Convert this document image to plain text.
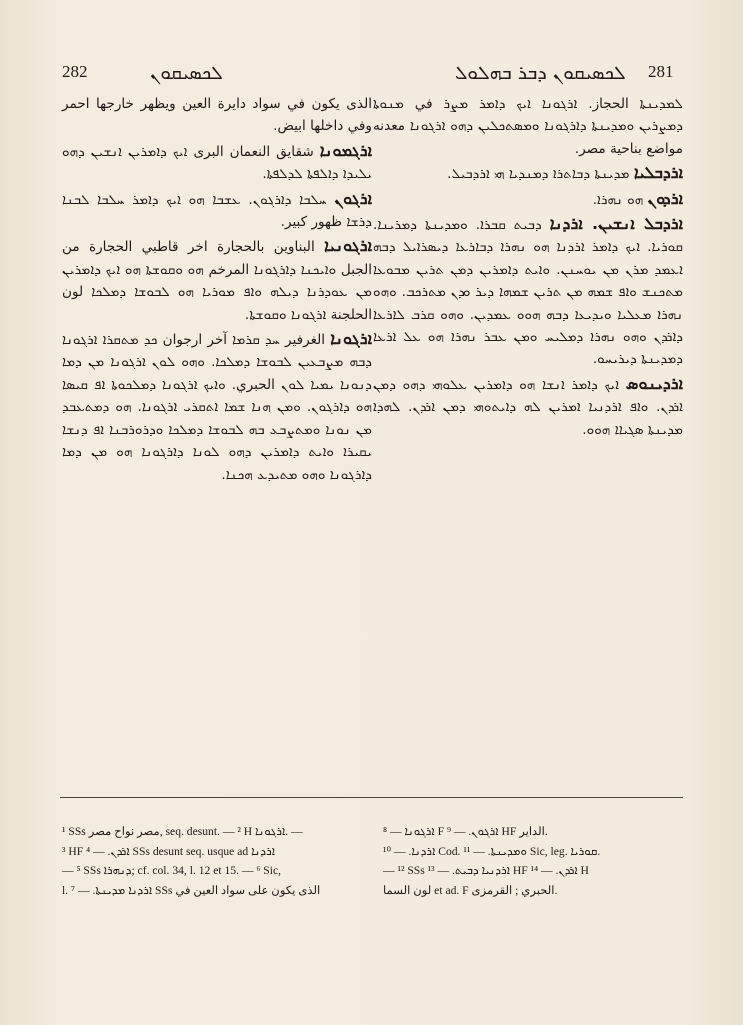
282	ܠܟܣܝܩܘܢ	ܠܟܣܝܩܘܢ ܕܒܪ ܒܗܠܘܠ 281

الذى يكون في سواد دايرة العين ويظهر خارجها احمر وفي داخلها ابيض.

ܐܪܓܡܘܢܐ شقايق النعمان البرى ܐܝܟ ܕܐܡܪܝܢ ܐܢܫܝܢ ܕܗܘ ܝܠܝܕܐ ܕܐܠܦܬܐ ܠܕܠܦܬܐ.

ܐܪܓܘܢ ܚܠܒܐ ܕܐܪܓܘܢ. ܥܫܒܐ ܗܘ ܐܝܟ ܕܐܡܪ ܚܠܒܐ ܠܒܢܐ ܕܪܫܐ ظهور كبير.

ܐܪܓܘܢܝܐ البناوين بالحجارة اخر قاطبي الحجارة من الجبل ܘܐܝܟܢܐ ܕܐܪܓܘܢܐ المرخم ܗܘ ܘܩܘܫܬܐ ܗܘ ܐܝܟ ܕܐܡܪܝܢ ܡܢ ܥܘܕܪܢܐ ܕܝܠܗ ܘܐܦ ܡܘܪܝܐ ܗܘ ܠܒܘܫܐ ܕܡܠܟܐ لون الحلجنة ܐܪܓܘܢܐ ܘܩܘܫܬܐ.

ܐܪܓܘܢܐ الغرفير ܚܕ ܩܪܡܐ آخر ارجوان ܟܕ ܡܬܩܪܐ ܐܪܓܘܢܐ ܕܒܗ ܡܨܒܥܝܢ ܠܒܘܫܐ ܕܡܠܟܐ. ܘܗܘ ܠܘܢ ܐܪܓܘܢܐ ܡܢ ܕܡܐ ܕܢܘܢܐ ܝܡܝܐ ܠܘܢ الحبري. ܘܐܝܟ ܐܪܓܘܢܐ ܕܡܠܟܘܬܐ ܐܦ ܩܝܣܐ ܗܘ ܕܐܪܓܘܢ. ܘܡܢ ܗܢܐ ܫܡܐ ܐܬܩܪܝ ܐܪܓܘܢܐ. ܗܘ ܕܡܬܥܒܕ ܡܢ ܢܘܢܐ ܘܡܬܨܒܥ ܒܗ ܠܒܘܫܐ ܕܡܠܟܐ ܘܕܪܘܪܒܢܐ ܐܦ ܕܢܫܐ ܝܩܝܪܐ ܘܐܝܬ ܕܐܡܪܝܢ ܕܗܘ ܠܘܢܐ ܕܐܪܓܘܢܐ ܗܘ ܡܢ ܕܡܐ ܕܐܪܓܘܢܐ ܘܗܘ ܡܬܝܕܥ ܗܟܢܐ.

ܠܡܕܝܢܬܐ الحجاز. ܐܪܓܘܢܐ ܐܝܟ ܕܐܡܪ ܡܨܪ في ܡܢܘܬܐ ܕܡܨܪܝܢ ܘܡܕܝܢܬܐ ܕܐܪܓܘܢܐ ܘܡܣܬܟܠܝܢ ܕܗܘ ܐܪܓܘܢܐ معدنه مواضع بناحية مصر.

ܐܪܕܒܠܝܐ ܡܕܝܢܬܐ ܕܒܐܬܪܐ ܕܡܢܕܝܐ ܗܝ ܐܪܕܒܝܠ.

ܐܪܕܘܢ ܗܘ ܢܗܪܐ.

ܐܪܕܒܠ ܐܢܫܝܢ. ܐܪܕܢܐ ܕܒܝܬ ܩܒܪܐ. ܘܡܕܝܢܬܐ ܕܡܪܝܢܐ. ܩܘܪܝܐ. ܐܝܟ ܕܐܡܪ ܐܪܕܢܐ ܗܘ ܢܗܪܐ ܕܒܐܪܥܐ ܕܝܣܪܐܝܠ ܕܒܗ ܐܥܡܕ ܡܪܢ ܡܢ ܝܘܚܢܢ. ܘܐܝܬ ܕܐܡܪܝܢ ܕܡܢ ܬܪܝܢ ܡܒܘܥܐ ܡܬܟܢܫ ܘܐܦ ܫܡܗ ܡܢ ܬܪܝܢ ܫܡܗܐ ܕܝܪ ܘܕܢ ܡܬܪܟܒ. ܘܗܘ ܢܗܪܐ ܡܥܠܝܐ ܘܝܕܝܥܐ ܕܒܗ ܗܘܘ ܥܡܕܝܢ. ܘܗܘ ܩܪܒ ܠܐܪܥܐ ܕܐܪܕܢ ܘܗܘ ܢܗܪܐ ܕܡܠܝܚ ܘܡܢ ܥܒܪ ܢܗܪܐ ܗܘ ܥܠ ܐܪܥܐ ܕܡܕܝܢܬܐ ܕܝܪܝܚܘ.

ܐܪܕܝܢܘܣ ܐܝܟ ܕܐܡܪ ܐܢܫܐ ܗܘ ܕܐܡܪܝܢ ܥܠܘܗܝ ܕܗܘ ܕܡܢ ܐܪܕܢ. ܘܐܦ ܐܪܕܢܝܐ ܐܡܪܝܢ ܠܗ ܕܐܝܬܘܗܝ ܕܡܢ ܐܪܕܢ. ܠܗܕܐ ܡܕܝܢܬܐ ܣܓܝܐܐ ܗܘܘ.

¹ SSs مصر نواح مصر, seq. desunt. — ² H ܐܪܓܘܢܐ. —

³ HF ܐܪܕܢ. — ⁴ SSs desunt seq. usque ad ܐܪܕܢܐ

— ⁵ SSs ܕܢܗܪܐ; cf. col. 34, l. 12 et 15. — ⁶ Sic,

l. ܐܪܕܢܐ ܡܕܝܢܬܐ. — ⁷ SSs الذى يكون على سواد العين في

ܐܪܓܘܢܐ — ⁸ F ܐܪܓܘܢ. — ⁹ HF الداير.

ܐܪܕܢܐ. — ¹⁰ Cod. ܘܡܕܝܢܬܐ. — ¹¹ Sic, leg. ܩܘܪܝܐ.

— ¹² SSs ܐܪܕܢܝܐ ܕܒܝܬ. — ¹³ HF ܐܪܕܢ. — ¹⁴ H

لون السما et ad. F الحبري ; القرمزى.
